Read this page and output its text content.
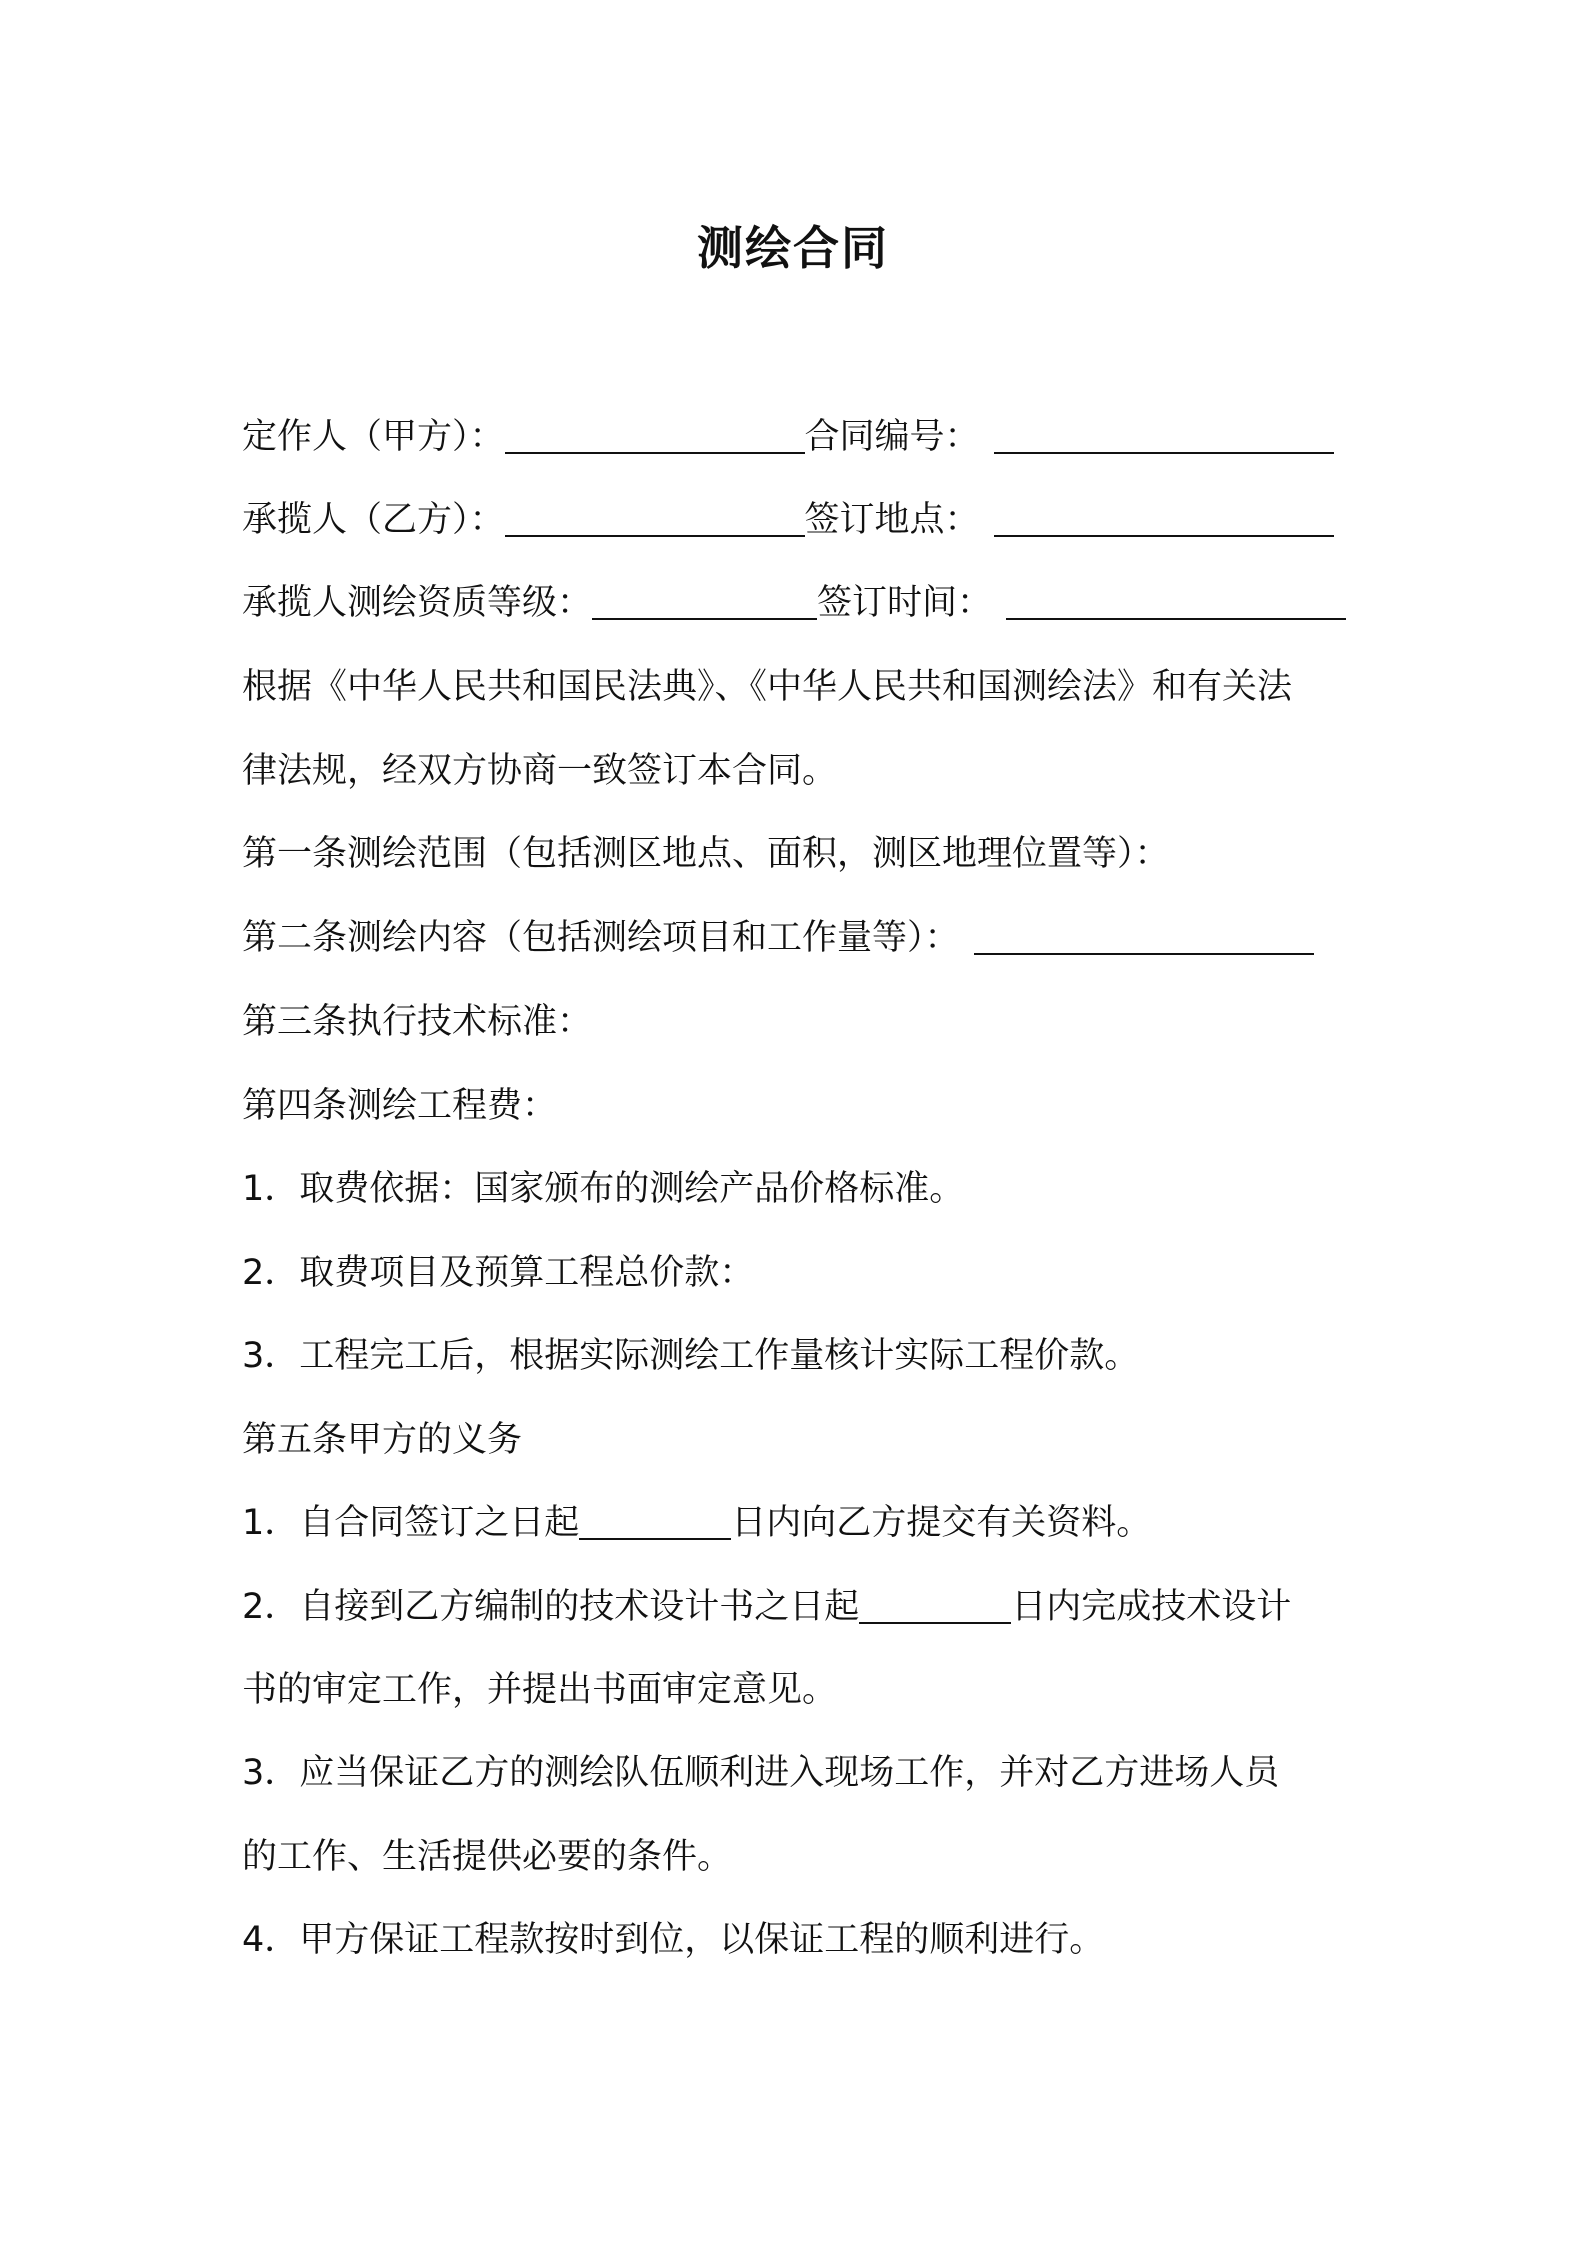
测绘合同
定作人（甲方）：	合同编号：
承揽人（乙方）：	签订地点：
承揽人测绘资质等级：	签订时间：
根据《中华人民共和国民法典》、《中华人民共和国测绘法》和有关法
律法规，经双方协商一致签订本合同。
第一条测绘范围（包括测区地点、面积，测区地理位置等）：
第二条测绘内容（包括测绘项目和工作量等）：
第三条执行技术标准：
第四条测绘工程费：
1．取费依据：国家颁布的测绘产品价格标准。
2．取费项目及预算工程总价款：
3．工程完工后，根据实际测绘工作量核计实际工程价款。
第五条甲方的义务
1．自合同签订之日起	日内向乙方提交有关资料。
2．自接到乙方编制的技术设计书之日起	日内完成技术设计
书的审定工作，并提出书面审定意见。
3．应当保证乙方的测绘队伍顺利进入现场工作，并对乙方进场人员
的工作、生活提供必要的条件。
4．甲方保证工程款按时到位，以保证工程的顺利进行。
